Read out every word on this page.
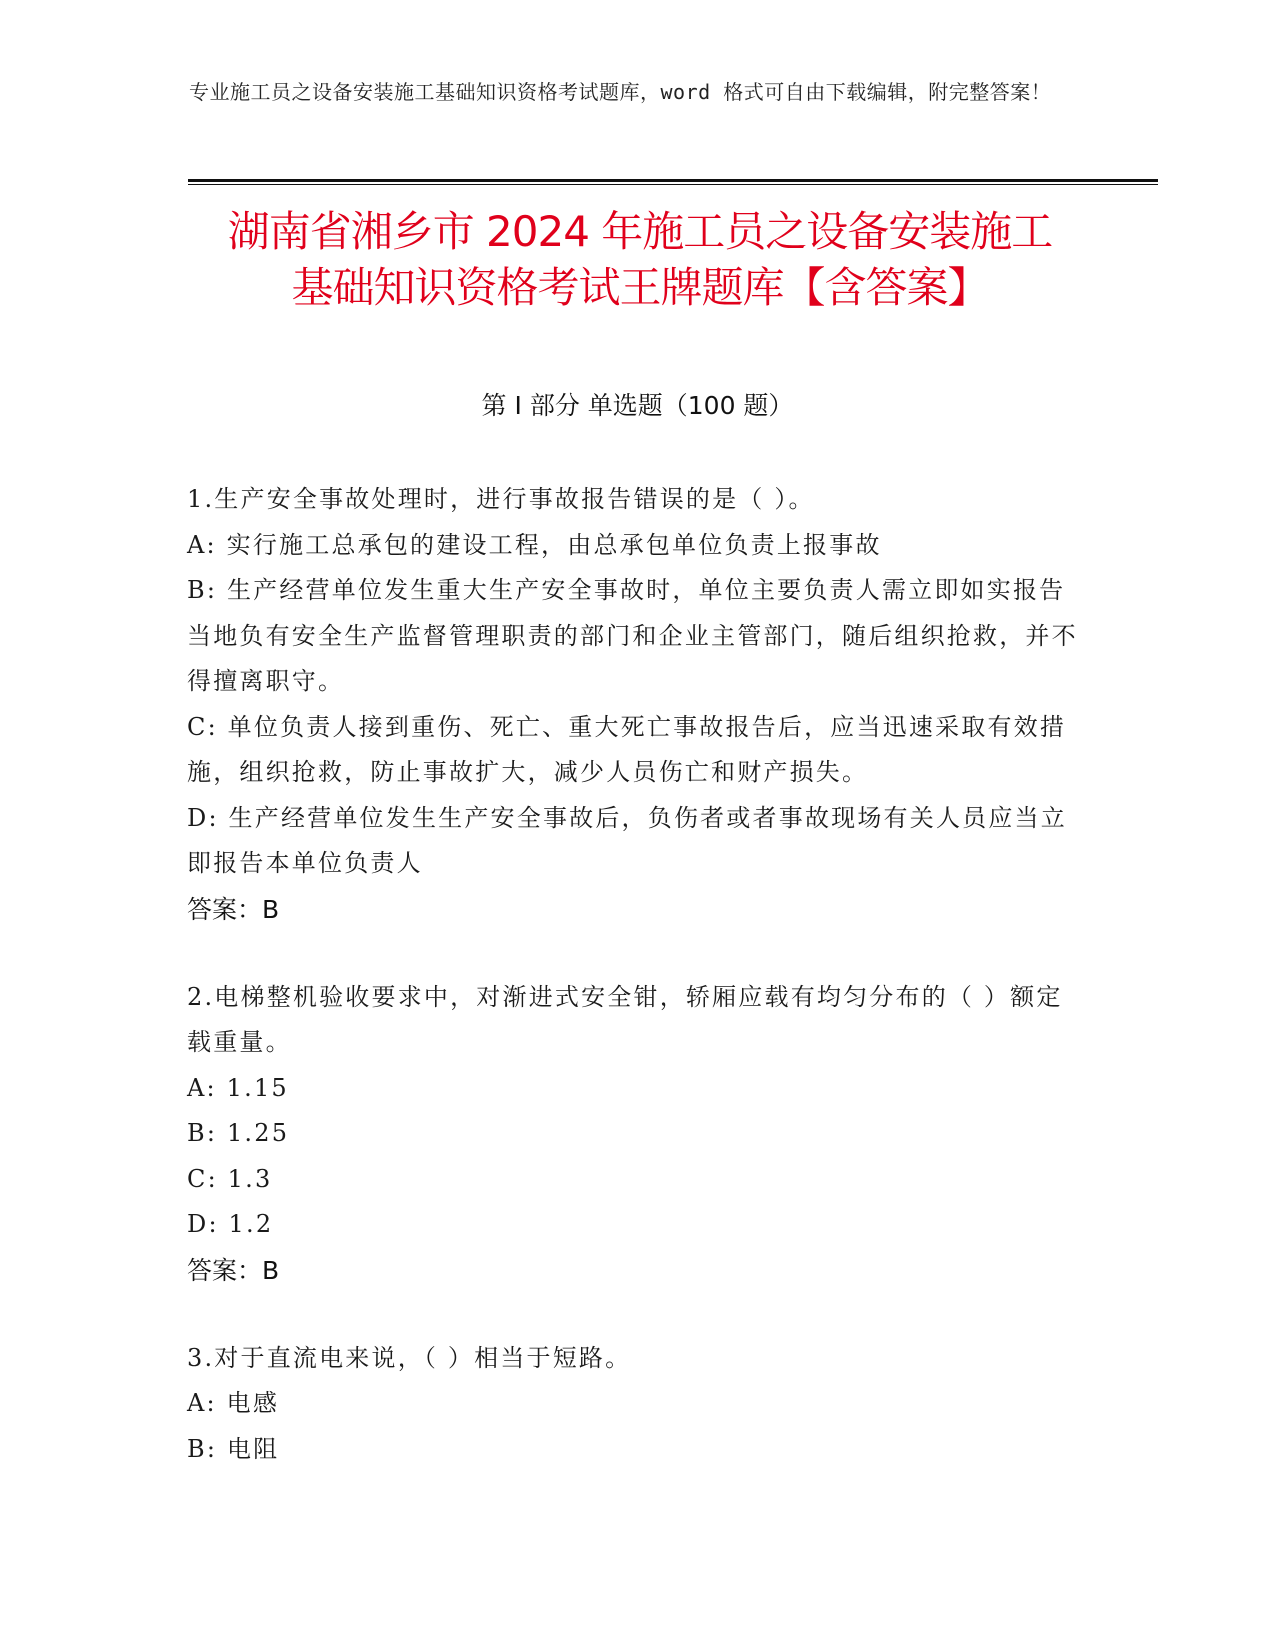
专业施工员之设备安装施工基础知识资格考试题库，word 格式可自由下载编辑，附完整答案！
湖南省湘乡市 2024 年施工员之设备安装施工
基础知识资格考试王牌题库【含答案】
第 I 部分 单选题（100 题）
1.生产安全事故处理时，进行事故报告错误的是（ ）。
A: 实行施工总承包的建设工程，由总承包单位负责上报事故
B: 生产经营单位发生重大生产安全事故时，单位主要负责人需立即如实报告当地负有安全生产监督管理职责的部门和企业主管部门，随后组织抢救，并不得擅离职守。
C: 单位负责人接到重伤、死亡、重大死亡事故报告后，应当迅速采取有效措施，组织抢救，防止事故扩大，减少人员伤亡和财产损失。
D: 生产经营单位发生生产安全事故后，负伤者或者事故现场有关人员应当立即报告本单位负责人
答案：B
2.电梯整机验收要求中，对渐进式安全钳，轿厢应载有均匀分布的（ ）额定载重量。
A: 1.15
B: 1.25
C: 1.3
D: 1.2
答案：B
3.对于直流电来说，（ ）相当于短路。
A: 电感
B: 电阻
